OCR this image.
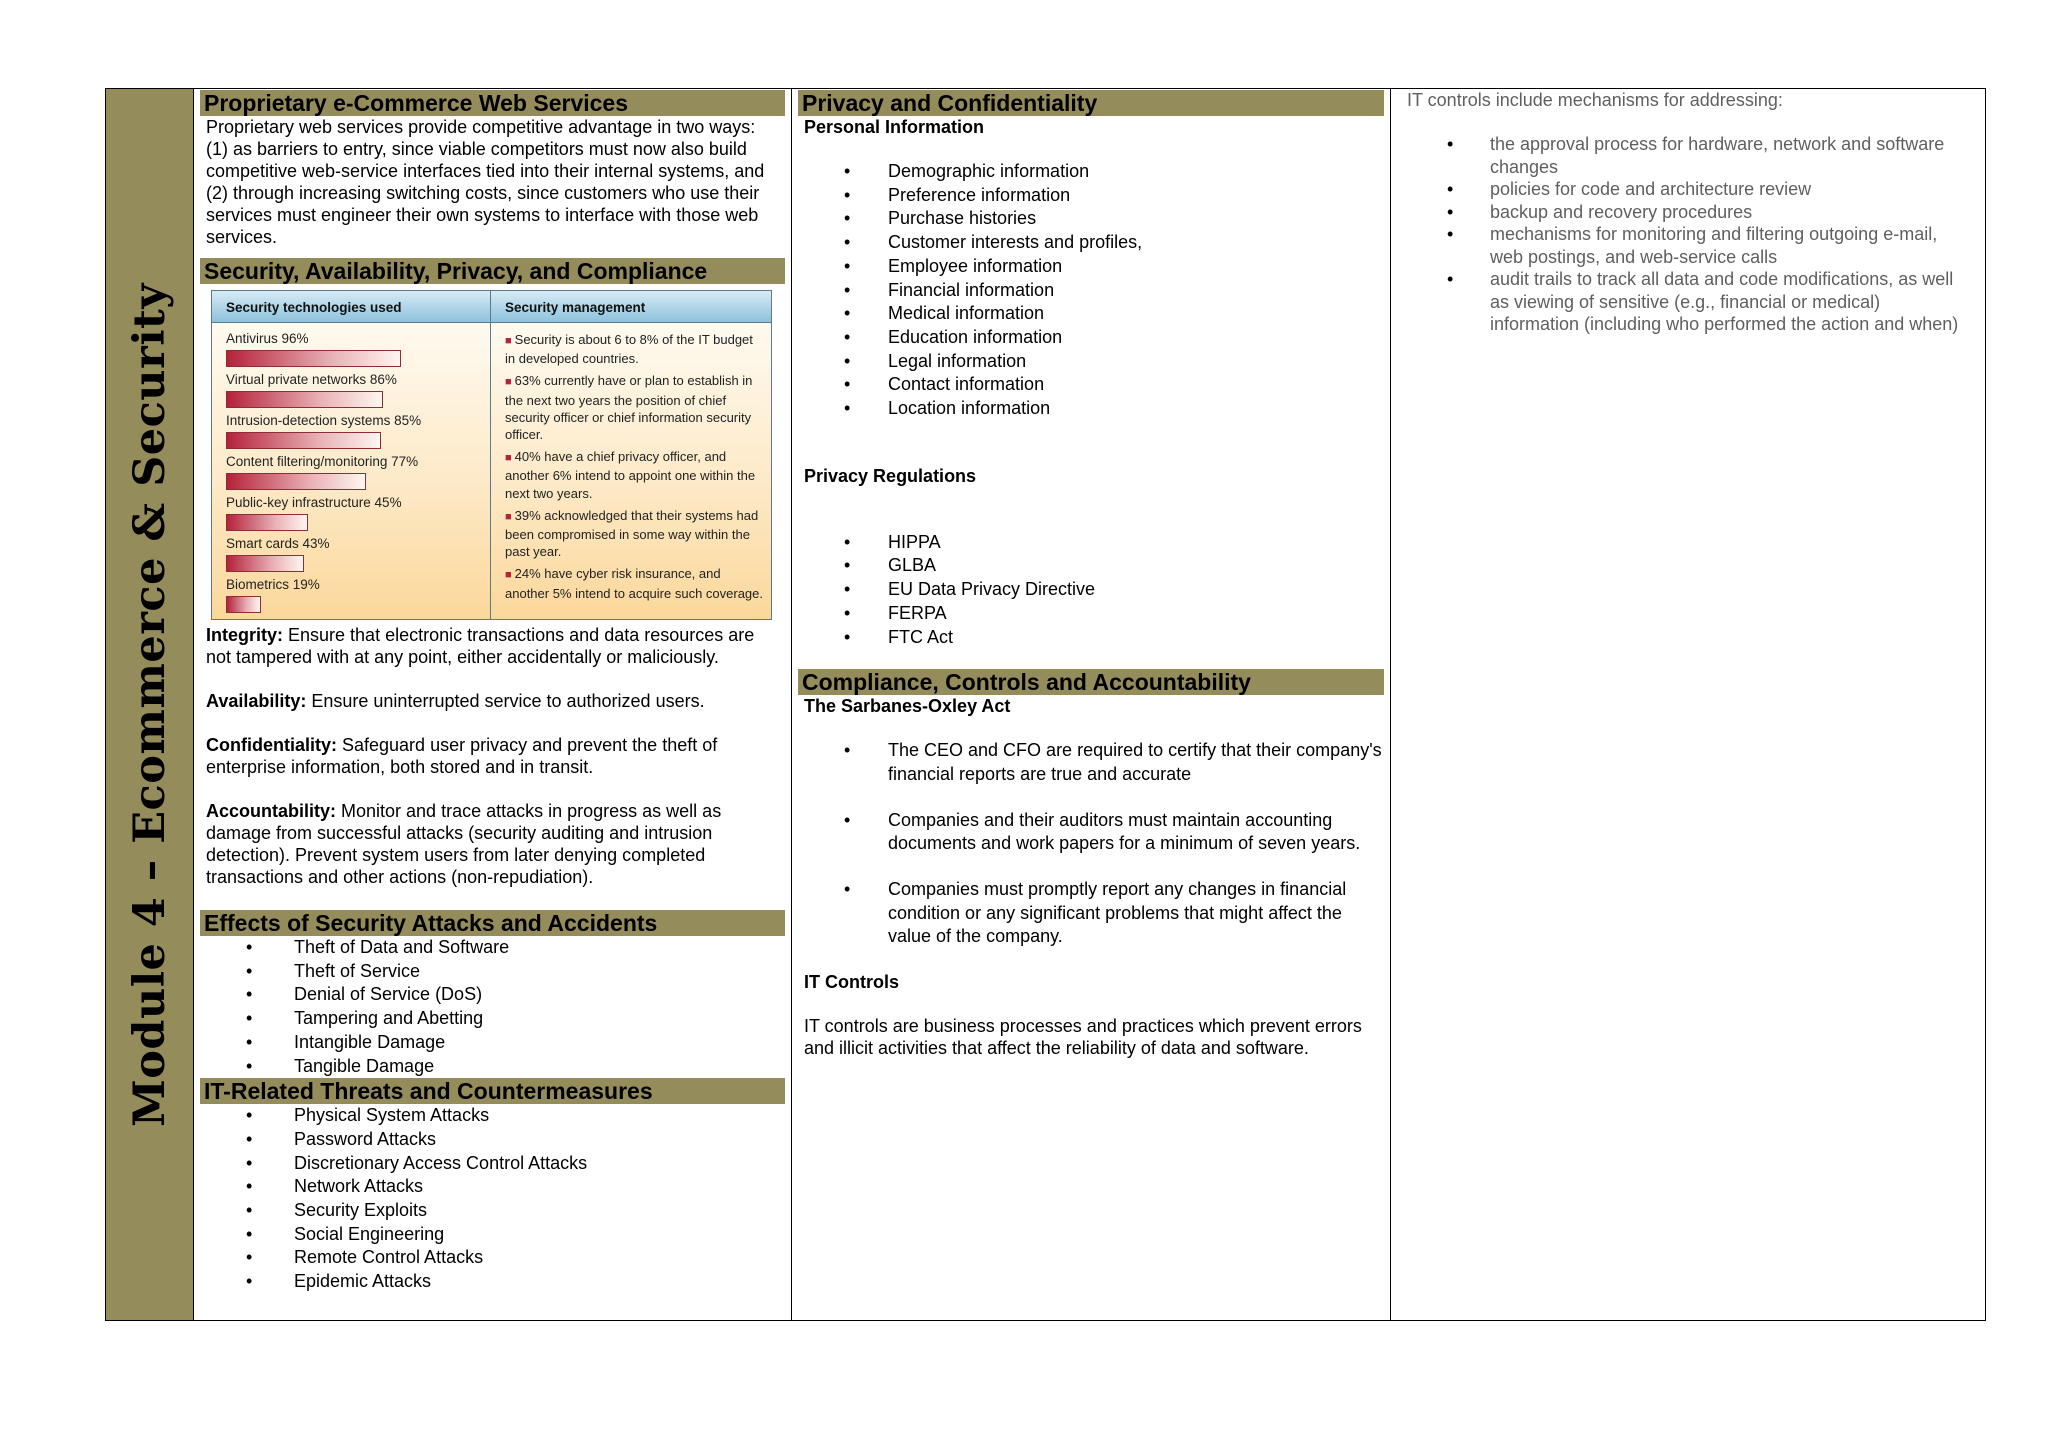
Module 4 – Ecommerce & Security
Proprietary e-Commerce Web Services
Proprietary web services provide competitive advantage in two ways: (1) as barriers to entry, since viable competitors must now also build competitive web-service interfaces tied into their internal systems, and (2) through increasing switching costs, since customers who use their services must engineer their own systems to interface with those web services.
Security, Availability, Privacy, and Compliance
Security technologies used	Security management
Antivirus 96%
Virtual private networks 86%
Intrusion-detection systems 85%
Content filtering/monitoring 77%
Public-key infrastructure 45%
Smart cards 43%
Biometrics 19%
■ Security is about 6 to 8% of the IT budget in developed countries.
■ 63% currently have or plan to establish in the next two years the position of chief security officer or chief information security officer.
■ 40% have a chief privacy officer, and another 6% intend to appoint one within the next two years.
■ 39% acknowledged that their systems had been compromised in some way within the past year.
■ 24% have cyber risk insurance, and another 5% intend to acquire such coverage.
Integrity: Ensure that electronic transactions and data resources are not tampered with at any point, either accidentally or maliciously.
Availability: Ensure uninterrupted service to authorized users.
Confidentiality: Safeguard user privacy and prevent the theft of enterprise information, both stored and in transit.
Accountability: Monitor and trace attacks in progress as well as damage from successful attacks (security auditing and intrusion detection). Prevent system users from later denying completed transactions and other actions (non-repudiation).
Effects of Security Attacks and Accidents
• Theft of Data and Software
• Theft of Service
• Denial of Service (DoS)
• Tampering and Abetting
• Intangible Damage
• Tangible Damage
IT-Related Threats and Countermeasures
• Physical System Attacks
• Password Attacks
• Discretionary Access Control Attacks
• Network Attacks
• Security Exploits
• Social Engineering
• Remote Control Attacks
• Epidemic Attacks
Privacy and Confidentiality
Personal Information
• Demographic information
• Preference information
• Purchase histories
• Customer interests and profiles,
• Employee information
• Financial information
• Medical information
• Education information
• Legal information
• Contact information
• Location information
Privacy Regulations
• HIPPA
• GLBA
• EU Data Privacy Directive
• FERPA
• FTC Act
Compliance, Controls and Accountability
The Sarbanes-Oxley Act
• The CEO and CFO are required to certify that their company's financial reports are true and accurate
• Companies and their auditors must maintain accounting documents and work papers for a minimum of seven years.
• Companies must promptly report any changes in financial condition or any significant problems that might affect the value of the company.
IT Controls
IT controls are business processes and practices which prevent errors and illicit activities that affect the reliability of data and software.
IT controls include mechanisms for addressing:
• the approval process for hardware, network and software changes
• policies for code and architecture review
• backup and recovery procedures
• mechanisms for monitoring and filtering outgoing e-mail, web postings, and web-service calls
• audit trails to track all data and code modifications, as well as viewing of sensitive (e.g., financial or medical) information (including who performed the action and when)
